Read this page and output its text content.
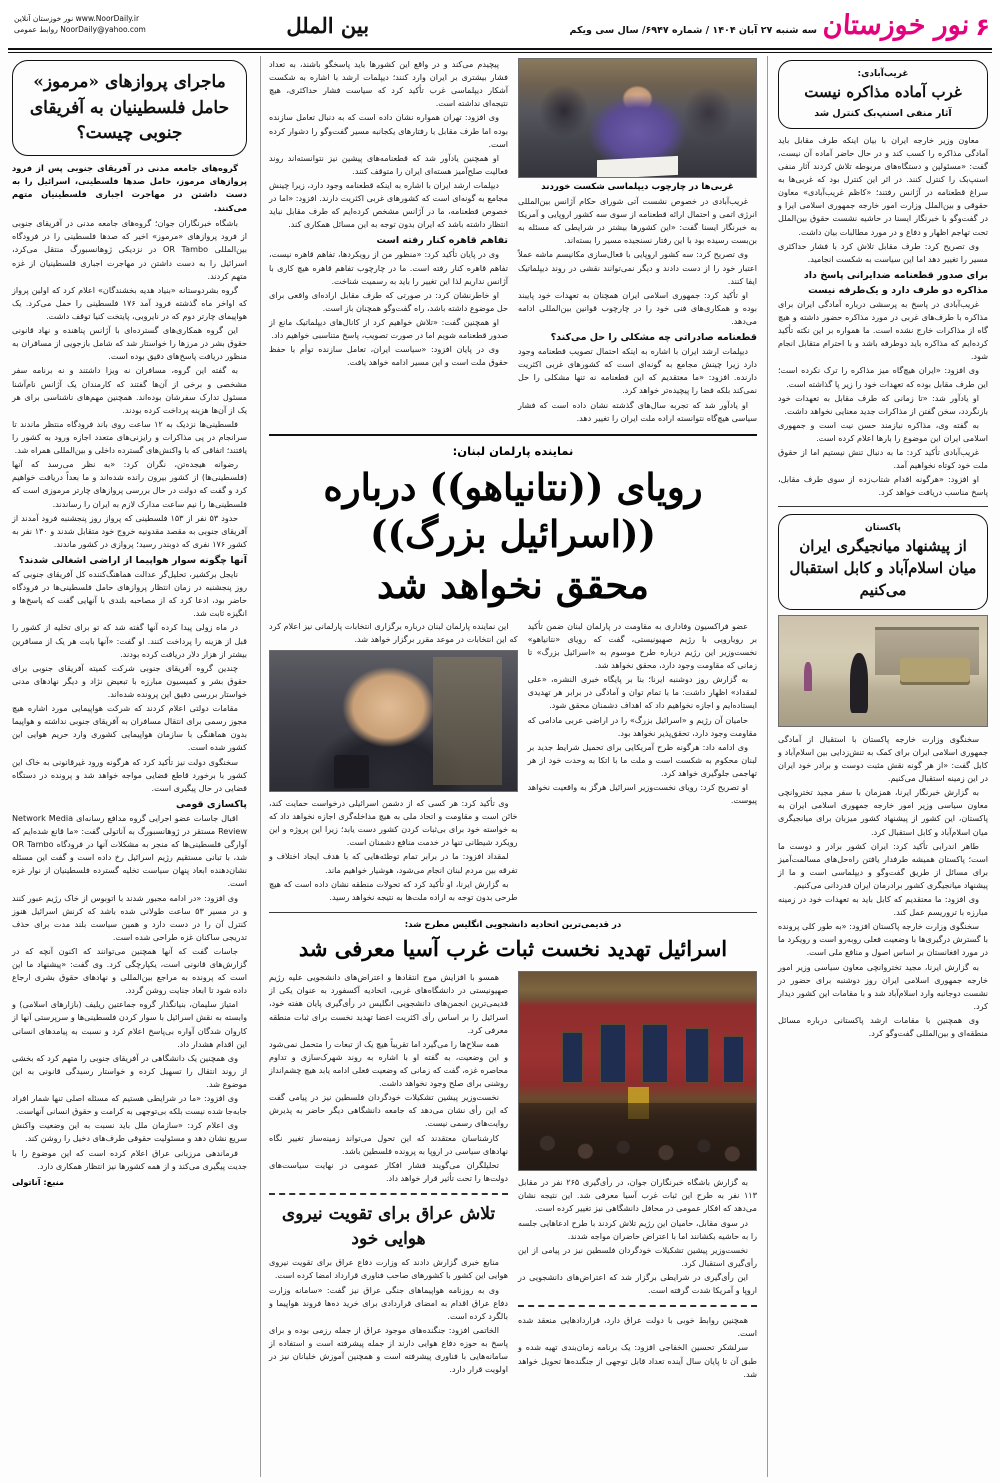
۶
نور خوزستان
سه شنبه ۲۷ آبان ۱۴۰۴ / شماره ۶۹۴۷/ سال سی ویکم
بین الملل
نور خوزستان آنلاین www.NoorDaily.ir
روابط عمومی NoorDaily@yahoo.com
غریب‌آبادی:
غرب آماده مذاکره نیست
آثار منفی اسنپ‌بک کنترل شد

معاون وزیر خارجه ایران با بیان اینکه طرف مقابل باید آمادگی مذاکره را کسب کند و در حال حاضر آماده آن نیست، گفت: «مسئولین و دستگاه‌های مربوطه تلاش کردند آثار منفی اسنپ‌بک را کنترل کنند. در اثر این کنترل بود که غربی‌ها به سراغ قطعنامه در آژانس رفتند؛ «کاظم غریب‌آبادی» معاون حقوقی و بین‌الملل وزارت امور خارجه جمهوری اسلامی ایرا و در گفت‌وگو با خبرنگار ایسنا در حاشیه نشست حقوق بین‌الملل تحت تهاجم اظهار و دفاع و در مورد مطالبات بیان داشت.

وی تصریح کرد: طرف مقابل تلاش کرد با فشار حداکثری مسیر را تغییر دهد اما این سیاست به شکست انجامید.

برای صدور قطعنامه ضدایرانی پاسخ داد
مذاکره دو طرف دارد و یک‌طرفه نیست

غریب‌آبادی در پاسخ به پرسشی درباره آمادگی ایران برای مذاکره با طرف‌های غربی در مورد مذاکره حضور داشته و هیچ گاه از مذاکرات خارج نشده است. ما همواره بر این نکته تأکید کرده‌ایم که مذاکره باید دوطرفه باشد و با احترام متقابل انجام شود.

وی افزود: «ایران هیچ‌گاه میز مذاکره را ترک نکرده است؛ این طرف مقابل بوده که تعهدات خود را زیر پا گذاشته است.

او یادآور شد: «تا زمانی که طرف مقابل به تعهدات خود بازنگردد، سخن گفتن از مذاکرات جدید معنایی نخواهد داشت.

به گفته وی، مذاکره نیازمند حسن نیت است و جمهوری اسلامی ایران این موضوع را بارها اعلام کرده است.

غریب‌آبادی تأکید کرد: ما به دنبال تنش نیستیم اما از حقوق ملت خود کوتاه نخواهیم آمد.

او افزود: «هرگونه اقدام شتاب‌زده از سوی طرف مقابل، پاسخ مناسب دریافت خواهد کرد.

پاکستان
از پیشنهاد میانجیگری ایران میان اسلام‌آباد و کابل استقبال می‌کنیم

سخنگوی وزارت خارجه پاکستان با استقبال از آمادگی جمهوری اسلامی ایران برای کمک به تنش‌زدایی بین اسلام‌آباد و کابل گفت: «از هر گونه نقش مثبت دوست و برادر خود ایران در این زمینه استقبال می‌کنیم.

به گزارش خبرنگار ایرنا، همزمان با سفر مجید تختروانچی معاون سیاسی وزیر امور خارجه جمهوری اسلامی ایران به پاکستان، این کشور از پیشنهاد کشور میزبان برای میانجیگری میان اسلام‌آباد و کابل استقبال کرد.

طاهر اندرابی تأکید کرد: ایران کشور برادر و دوست ما است؛ پاکستان همیشه طرفدار یافتن راه‌حل‌های مسالمت‌آمیز برای مسائل از طریق گفت‌وگو و دیپلماسی است و ما از پیشنهاد میانجیگری کشور برادرمان ایران قدردانی می‌کنیم.

وی افزود: ما معتقدیم که کابل باید به تعهدات خود در زمینه مبارزه با تروریسم عمل کند.

سخنگوی وزارت خارجه پاکستان افزود: «به طور کلی پرونده با گسترش درگیری‌ها با وضعیت فعلی روبه‌رو است و رویکرد ما در مورد افغانستان بر اساس اصول و منافع ملی است.

به گزارش ایرنا، مجید تختروانچی معاون سیاسی وزیر امور خارجه جمهوری اسلامی ایران روز دوشنبه برای حضور در نشست دوجانبه وارد اسلام‌آباد شد و با مقامات این کشور دیدار کرد.

وی همچنین با مقامات ارشد پاکستانی درباره مسائل منطقه‌ای و بین‌المللی گفت‌وگو کرد.

غربی‌ها در چارچوب دیپلماسی شکست خوردند

غریب‌آبادی در خصوص نشست آتی شورای حکام آژانس بین‌المللی انرژی اتمی و احتمال ارائه قطعنامه از سوی سه کشور اروپایی و آمریکا به خبرنگار ایسنا گفت: «این کشورها بیشتر در شرایطی که مسئله به بن‌بست رسیده بود با این رفتار نسنجیده مسیر را بسته‌اند.

وی تصریح کرد: سه کشور اروپایی با فعال‌سازی مکانیسم ماشه عملاً اعتبار خود را از دست دادند و دیگر نمی‌توانند نقشی در روند دیپلماتیک ایفا کنند.

او تأکید کرد: جمهوری اسلامی ایران همچنان به تعهدات خود پایبند بوده و همکاری‌های فنی خود را در چارچوب قوانین بین‌المللی ادامه می‌دهد.

قطعنامه صادراتی چه مشکلی را حل می‌کند؟

دیپلمات ارشد ایران با اشاره به اینکه احتمال تصویب قطعنامه وجود دارد زیرا چینش مجامع به گونه‌ای است که کشورهای غربی اکثریت دارنده. افزود: «ما معتقدیم که این قطعنامه نه تنها مشکلی را حل نمی‌کند بلکه فضا را پیچیده‌تر خواهد کرد.

او یادآور شد که تجربه سال‌های گذشته نشان داده است که فشار سیاسی هیچ‌گاه نتوانسته اراده ملت ایران را تغییر دهد.

پیچیدم می‌کند و در واقع این کشورها باید پاسخگو باشند، به تعداد فشار بیشتری بر ایران وارد کنند؛ دیپلمات ارشد با اشاره به شکست آشکار دیپلماسی غرب تأکید کرد که سیاست فشار حداکثری، هیچ نتیجه‌ای نداشته است.

وی افزود: تهران همواره نشان داده است که به دنبال تعامل سازنده بوده اما طرف مقابل با رفتارهای یکجانبه مسیر گفت‌وگو را دشوار کرده است.

او همچنین یادآور شد که قطعنامه‌های پیشین نیز نتوانسته‌اند روند فعالیت صلح‌آمیز هسته‌ای ایران را متوقف کنند.

دیپلمات ارشد ایران با اشاره به اینکه قطعنامه وجود دارد، زیرا چینش مجامع به گونه‌ای است که کشورهای غربی اکثریت دارند. افزود: «اما در خصوص قطعنامه، ما در آژانس مشخص کرده‌ایم که طرف مقابل نباید انتظار داشته باشد که ایران بدون توجه به این مسائل همکاری کند.

تفاهم قاهره کنار رفته است

وی در پایان تأکید کرد: «منظور من از رویکردها، تفاهم قاهره نیست، تفاهم قاهره کنار رفته است. ما در چارچوب تفاهم قاهره هیچ کاری با آژانس نداریم لذا این تغییر را باید به رسمیت شناخت.

او خاطرنشان کرد: در صورتی که طرف مقابل اراده‌ای واقعی برای حل موضوع داشته باشد، راه گفت‌وگو همچنان باز است.

او همچنین گفت: «تلاش خواهیم کرد از کانال‌های دیپلماتیک مانع از صدور قطعنامه شویم اما در صورت تصویب، پاسخ متناسبی خواهیم داد.

وی در پایان افزود: «سیاست ایران، تعامل سازنده توأم با حفظ حقوق ملت است و این مسیر ادامه خواهد یافت.

نماینده پارلمان لبنان:
رویای ((نتانیاهو)) درباره ((اسرائیل بزرگ))
محقق نخواهد شد

عضو فراکسیون وفاداری به مقاومت در پارلمان لبنان ضمن تأکید بر رویارویی با رژیم صهیونیستی، گفت که رویای «نتانیاهو» نخست‌وزیر این رژیم درباره طرح موسوم به «اسرائیل بزرگ» تا زمانی که مقاومت وجود دارد، محقق نخواهد شد.

به گزارش روز دوشنبه ایرنا؛ بنا بر پایگاه خبری النشره، «علی لمقداد» اظهار داشت: ما با تمام توان و آمادگی در برابر هر تهدیدی ایستاده‌ایم و اجازه نخواهیم داد که اهداف دشمنان محقق شود.

حامیان آن رژیم و «اسرائیل بزرگ» را در اراضی عربی مادامی که مقاومت وجود دارد، تحقق‌پذیر نخواهد بود.

وی ادامه داد: هرگونه طرح آمریکایی برای تحمیل شرایط جدید بر لبنان محکوم به شکست است و ملت ما با اتکا به وحدت خود از هر تهاجمی جلوگیری خواهد کرد.

او تصریح کرد: رویای نخست‌وزیر اسرائیل هرگز به واقعیت نخواهد پیوست.

این نماینده پارلمان لبنان درباره برگزاری انتخابات پارلمانی نیز اعلام کرد که این انتخابات در موعد مقرر برگزار خواهد شد.

وی تأکید کرد: هر کسی که از دشمن اسرائیلی درخواست حمایت کند، خائن است و مقاومت و اتحاد ملی به هیچ مداخله‌گری اجازه نخواهد داد که به خواسته خود برای بی‌ثبات کردن کشور دست یابد؛ زیرا این پروژه و این رویکرد شیطانی تنها در خدمت منافع دشمنان است.

لمقداد افزود: ما در برابر تمام توطئه‌هایی که با هدف ایجاد اختلاف و تفرقه بین مردم لبنان انجام می‌شود، هوشیار خواهیم ماند.

به گزارش ایرنا، او تأکید کرد که تحولات منطقه نشان داده است که هیچ طرحی بدون توجه به اراده ملت‌ها به نتیجه نخواهد رسید.

در قدیمی‌ترین اتحادیه دانشجویی انگلیس مطرح شد:
اسرائیل تهدید نخست ثبات غرب آسیا معرفی شد

به گزارش باشگاه خبرنگاران جوان، در رأی‌گیری ۲۶۵ نفر در مقابل ۱۱۳ نفر به طرح این ثبات غرب آسیا معرفی شد. این نتیجه نشان می‌دهد که افکار عمومی در محافل دانشگاهی نیز تغییر کرده است.

در سوی مقابل، حامیان این رژیم تلاش کردند با طرح ادعاهایی جلسه را به حاشیه بکشانند اما با اعتراض حاضران مواجه شدند.

نخست‌وزیر پیشین تشکیلات خودگردان فلسطین نیز در پیامی از این رأی‌گیری استقبال کرد.

این رأی‌گیری در شرایطی برگزار شد که اعتراض‌های دانشجویی در اروپا و آمریکا شدت گرفته است.

همچنین روابط خوبی با دولت عراق دارد، قراردادهایی منعقد شده است.

سرلشکر تحسین الخفاجی افزود: یک برنامه زمان‌بندی تهیه شده و طبق آن تا پایان سال آینده تعداد قابل توجهی از جنگنده‌ها تحویل خواهد شد.

همسو با افزایش موج انتقادها و اعتراض‌های دانشجویی علیه رژیم صهیونیستی در دانشگاه‌های غربی، اتحادیه آکسفورد به عنوان یکی از قدیمی‌ترین انجمن‌های دانشجویی انگلیس در رأی‌گیری پایان هفته خود، اسرائیل را بر اساس رأی اکثریت اعضا تهدید نخست برای ثبات منطقه معرفی کرد.

همه سلاح‌ها را می‌گیرد اما تقریباً هیچ یک از تبعات را متحمل نمی‌شود و این وضعیت، به گفته او با اشاره به روند شهرک‌سازی و تداوم محاصره غزه، گفت که زمانی که وضعیت فعلی ادامه یابد هیچ چشم‌انداز روشنی برای صلح وجود نخواهد داشت.

نخست‌وزیر پیشین تشکیلات خودگردان فلسطین نیز در پیامی گفت که این رأی نشان می‌دهد که جامعه دانشگاهی دیگر حاضر به پذیرش روایت‌های رسمی نیست.

کارشناسان معتقدند که این تحول می‌تواند زمینه‌ساز تغییر نگاه نهادهای سیاسی در اروپا به پرونده فلسطین باشد.

تحلیلگران می‌گویند فشار افکار عمومی در نهایت سیاست‌های دولت‌ها را تحت تأثیر قرار خواهد داد.

تلاش عراق برای تقویت نیروی هوایی خود

منابع خبری گزارش دادند که وزارت دفاع عراق برای تقویت نیروی هوایی این کشور با کشورهای صاحب فناوری قرارداد امضا کرده است.

وی به روزنامه هواپیماهای جنگی عراق نیز گفت: «سامانه وزارت دفاع عراق اقدام به امضای قراردادی برای خرید ده‌ها فروند هواپیما و بالگرد کرده است.

الخاتمی افزود: جنگنده‌های موجود عراق از جمله رزمی بوده و برای پاسخ به حوزه دفاع هوایی دارند از جمله پیشرفته است و استفاده از سامانه‌هایی با فناوری پیشرفته است و همچنین آموزش خلبانان نیز در اولویت قرار دارد.

ماجرای پروازهای «مرموز» حامل فلسطینیان به آفریقای جنوبی چیست؟

گروه‌های جامعه مدنی در آفریقای جنوبی پس از فرود پروازهای مرموز، حامل صدها فلسطینی، اسرائیل را به دست داشتن در مهاجرت اجباری فلسطینیان متهم می‌کنند.

باشگاه خبرنگاران جوان؛ گروه‌های جامعه مدنی در آفریقای جنوبی از فرود پروازهای «مرموز» اخیر که صدها فلسطینی را در فرودگاه بین‌المللی OR Tambo در نزدیکی ژوهانسبورگ منتقل می‌کرد، اسرائیل را به دست داشتن در مهاجرت اجباری فلسطینیان از غزه متهم کردند.

گروه بشردوستانه «بنیاد هدیه بخشندگان» اعلام کرد که اولین پرواز که اواخر ماه گذشته فرود آمد ۱۷۶ فلسطینی را حمل می‌کرد. یک هواپیمای چارتر دوم که در نایروبی، پایتخت کنیا توقف داشت.

این گروه همکاری‌های گسترده‌ای با آژانس پناهنده و نهاد قانونی حقوق بشر در مرزها را خواستار شد که شامل بازجویی از مسافران به منظور دریافت پاسخ‌های دقیق بوده است.

به گفته این گروه، مسافران نه ویزا داشتند و نه برنامه سفر مشخصی و برخی از آن‌ها گفتند که کارمندان یک آژانس نام‌آشنا مسئول تدارک سفرشان بوده‌اند. همچنین مهم‌های ناشناسی برای هر یک از آن‌ها هزینه پرداخت کرده بودند.

فلسطینی‌ها نزدیک به ۱۲ ساعت روی باند فرودگاه منتظر ماندند تا سرانجام در پی مذاکرات و رایزنی‌های متعدد اجازه ورود به کشور را یافتند؛ اتفاقی که با واکنش‌های گسترده داخلی و بین‌المللی همراه شد.

رضوانه هیجده‌تن، نگران کرد: «به نظر می‌رسد که آنها (فلسطینی‌ها) از کشور بیرون رانده شده‌اند و ما بعداً دریافت خواهیم کرد و گفت که دولت در حال بررسی پروازهای چارتر مرموزی است که فلسطینی‌ها را نیم ساعت مدارک لازم به ایران را رساندند.

حدود ۵۳ نفر از ۱۵۳ فلسطینی که پرواز روز پنجشنبه فرود آمدند از آفریقای جنوبی به مقصد مقدونیه خروج خود متقابل شدند و ۱۳۰ نفر به کشور ۱۷۶ نفری که دوبندر رسید؛ پروازی در کشور ماندند.

آنها چگونه سوار هواپیما از اراضی اشغالی شدند؟

نایجل برکشیر، تحلیل‌گر عدالت هماهنگ‌کننده کل آفریقای جنوبی که روز پنجشنبه در زمان انتظار پروازهای حامل فلسطینی‌ها در فرودگاه حاضر بود، ادعا کرد که از مصاحبه بلندی با آنهایی گفت که پاسخ‌ها و انگیزه ثابت شد.

در ماه زولی پیدا کرده آنها گفته شد که تو برای تخلیه از کشور را قبل از هزینه را پرداخت کنند. او گفت: «آنها بابت هر یک از مسافرین بیشتر از هزار دلار دریافت کرده بودند.

چندین گروه آفریقای جنوبی شرکت کمیته آفریقای جنوبی برای حقوق بشر و کمیسیون مبارزه با تبعیض نژاد و دیگر نهادهای مدنی خواستار بررسی دقیق این پرونده شده‌اند.

مقامات دولتی اعلام کردند که شرکت هواپیمایی مورد اشاره هیچ مجوز رسمی برای انتقال مسافران به آفریقای جنوبی نداشته و هواپیما بدون هماهنگی با سازمان هواپیمایی کشوری وارد حریم هوایی این کشور شده است.

سخنگوی دولت نیز تأکید کرد که هرگونه ورود غیرقانونی به خاک این کشور با برخورد قاطع قضایی مواجه خواهد شد و پرونده در دستگاه قضایی در حال پیگیری است.

پاکسازی قومی

اقبال جاسات عضو اجرایی گروه مدافع رسانه‌ای Network Media Review مستقر در ژوهانسبورگ به آناتولی گفت: «ما قانع شده‌ایم که آوارگی فلسطینی‌ها که منجر به مشکلات آنها در فرودگاه OR Tambo شد، با تبانی مستقیم رژیم اسرائیل رخ داده است و گفت این مسئله نشان‌دهنده ابعاد پنهان سیاست تخلیه گسترده فلسطینیان از نوار غزه است.

وی افزود: «در ادامه مجبور شدند با اتوبوس از خاک رژیم عبور کنند و در مسیر ۵۳ ساعت طولانی شده باشد که کرنش اسرائیل هنوز کنترل آن را در دست دارد و همین سیاست بلند مدت برای حذف تدریجی ساکنان غزه طراحی شده است.

جاسات گفت که آنها همچنین می‌توانند که اکنون آنچه که در گزارش‌های قانونی است، یکپارچگی کرد. وی گفت: «پیشنهاد ما این است که پرونده به مراجع بین‌المللی و نهادهای حقوق بشری ارجاع داده شود تا ابعاد جنایت روشن گردد.

امتیاز سلیمان، بنیانگذار گروه جماعتین ریلیف (بازارهای اسلامی) و وابسته به نقش اسرائیل با سوار کردن فلسطینی‌ها و سرپرستی آنها از کاروان شدگان آواره بی‌پاسخ اعلام کرد و نسبت به پیامدهای انسانی این اقدام هشدار داد.

وی همچنین یک دانشگاهی در آفریقای جنوبی را متهم کرد که بخشی از روند انتقال را تسهیل کرده و خواستار رسیدگی قانونی به این موضوع شد.

وی افزود: «ما در شرایطی هستیم که مسئله اصلی تنها شمار افراد جابه‌جا شده نیست بلکه بی‌توجهی به کرامت و حقوق انسانی آنهاست.

وی اعلام کرد: «سازمان ملل باید نسبت به این وضعیت واکنش سریع نشان دهد و مسئولیت حقوقی طرف‌های دخیل را روشن کند.

فرماندهی مرزبانی عراق اعلام کرده است که این موضوع را با جدیت پیگیری می‌کند و از همه کشورها نیز انتظار همکاری دارد.

منبع: آناتولی
